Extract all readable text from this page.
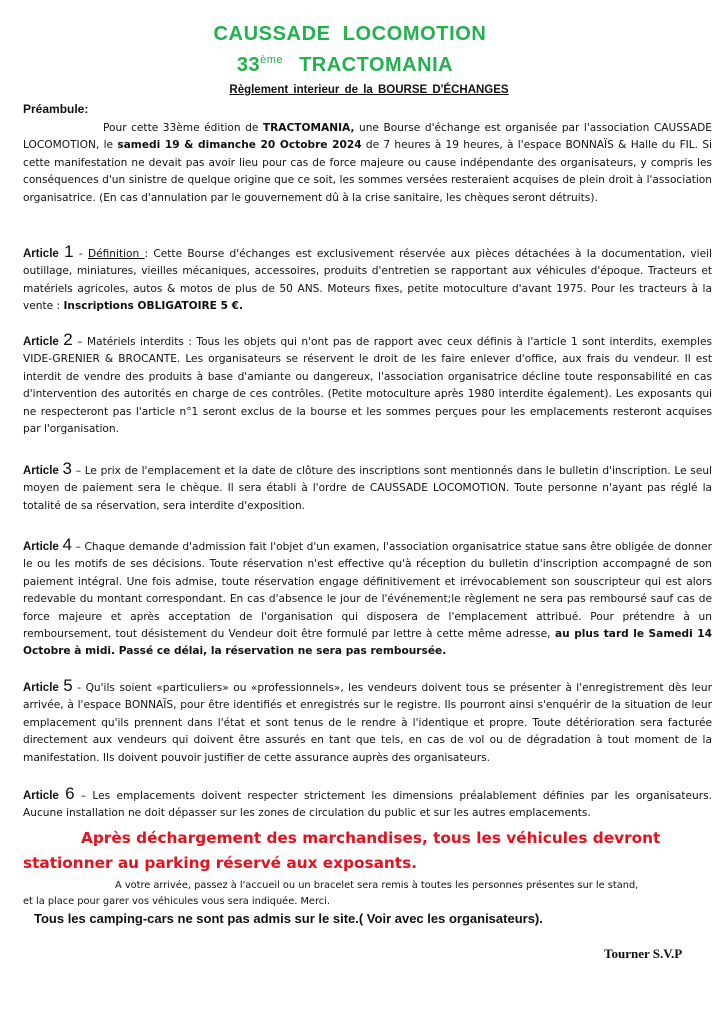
CAUSSADE LOCOMOTION
33ème TRACTOMANIA
Règlement interieur de la BOURSE D'ÉCHANGES
Préambule:
Pour cette 33ème édition de TRACTOMANIA, une Bourse d'échange est organisée par l'association CAUSSADE LOCOMOTION, le samedi 19 & dimanche 20 Octobre 2024 de 7 heures à 19 heures, à l'espace BONNAÏS & Halle du FIL. Si cette manifestation ne devait pas avoir lieu pour cas de force majeure ou cause indépendante des organisateurs, y compris les conséquences d'un sinistre de quelque origine que ce soit, les sommes versées resteraient acquises de plein droit à l'association organisatrice. (En cas d'annulation par le gouvernement dû à la crise sanitaire, les chèques seront détruits).
Article 1 - Définition : Cette Bourse d'échanges est exclusivement réservée aux pièces détachées à la documentation, vieil outillage, miniatures, vieilles mécaniques, accessoires, produits d'entretien se rapportant aux véhicules d'époque. Tracteurs et matériels agricoles, autos & motos de plus de 50 ANS. Moteurs fixes, petite motoculture d'avant 1975. Pour les tracteurs à la vente : Inscriptions OBLIGATOIRE 5 €.
Article 2 – Matériels interdits : Tous les objets qui n'ont pas de rapport avec ceux définis à l'article 1 sont interdits, exemples VIDE-GRENIER & BROCANTE. Les organisateurs se réservent le droit de les faire enlever d'office, aux frais du vendeur. Il est interdit de vendre des produits à base d'amiante ou dangereux, l'association organisatrice décline toute responsabilité en cas d'intervention des autorités en charge de ces contrôles. (Petite motoculture après 1980 interdite également). Les exposants qui ne respecteront pas l'article n°1 seront exclus de la bourse et les sommes perçues pour les emplacements resteront acquises par l'organisation.
Article 3 – Le prix de l'emplacement et la date de clôture des inscriptions sont mentionnés dans le bulletin d'inscription. Le seul moyen de paiement sera le chèque. Il sera établi à l'ordre de CAUSSADE LOCOMOTION. Toute personne n'ayant pas réglé la totalité de sa réservation, sera interdite d'exposition.
Article 4 – Chaque demande d'admission fait l'objet d'un examen, l'association organisatrice statue sans être obligée de donner le ou les motifs de ses décisions. Toute réservation n'est effective qu'à réception du bulletin d'inscription accompagné de son paiement intégral. Une fois admise, toute réservation engage définitivement et irrévocablement son souscripteur qui est alors redevable du montant correspondant. En cas d'absence le jour de l'événement;le règlement ne sera pas remboursé sauf cas de force majeure et après acceptation de l'organisation qui disposera de l'emplacement attribué. Pour prétendre à un remboursement, tout désistement du Vendeur doit être formulé par lettre à cette même adresse, au plus tard le Samedi 14 Octobre à midi. Passé ce délai, la réservation ne sera pas remboursée.
Article 5 - Qu'ils soient «particuliers» ou «professionnels», les vendeurs doivent tous se présenter à l'enregistrement dès leur arrivée, à l'espace BONNAÏS, pour être identifiés et enregistrés sur le registre. Ils pourront ainsi s'enquérir de la situation de leur emplacement qu'ils prennent dans l'état et sont tenus de le rendre à l'identique et propre. Toute détérioration sera facturée directement aux vendeurs qui doivent être assurés en tant que tels, en cas de vol ou de dégradation à tout moment de la manifestation. Ils doivent pouvoir justifier de cette assurance auprès des organisateurs.
Article 6 – Les emplacements doivent respecter strictement les dimensions préalablement définies par les organisateurs. Aucune installation ne doit dépasser sur les zones de circulation du public et sur les autres emplacements.
Après déchargement des marchandises, tous les véhicules devront
stationner au parking réservé aux exposants.
A votre arrivée, passez à l'accueil ou un bracelet sera remis à toutes les personnes présentes sur le stand,
et la place pour garer vos véhicules vous sera indiquée. Merci.
Tous les camping-cars ne sont pas admis sur le site.( Voir avec les organisateurs).
Tourner S.V.P
